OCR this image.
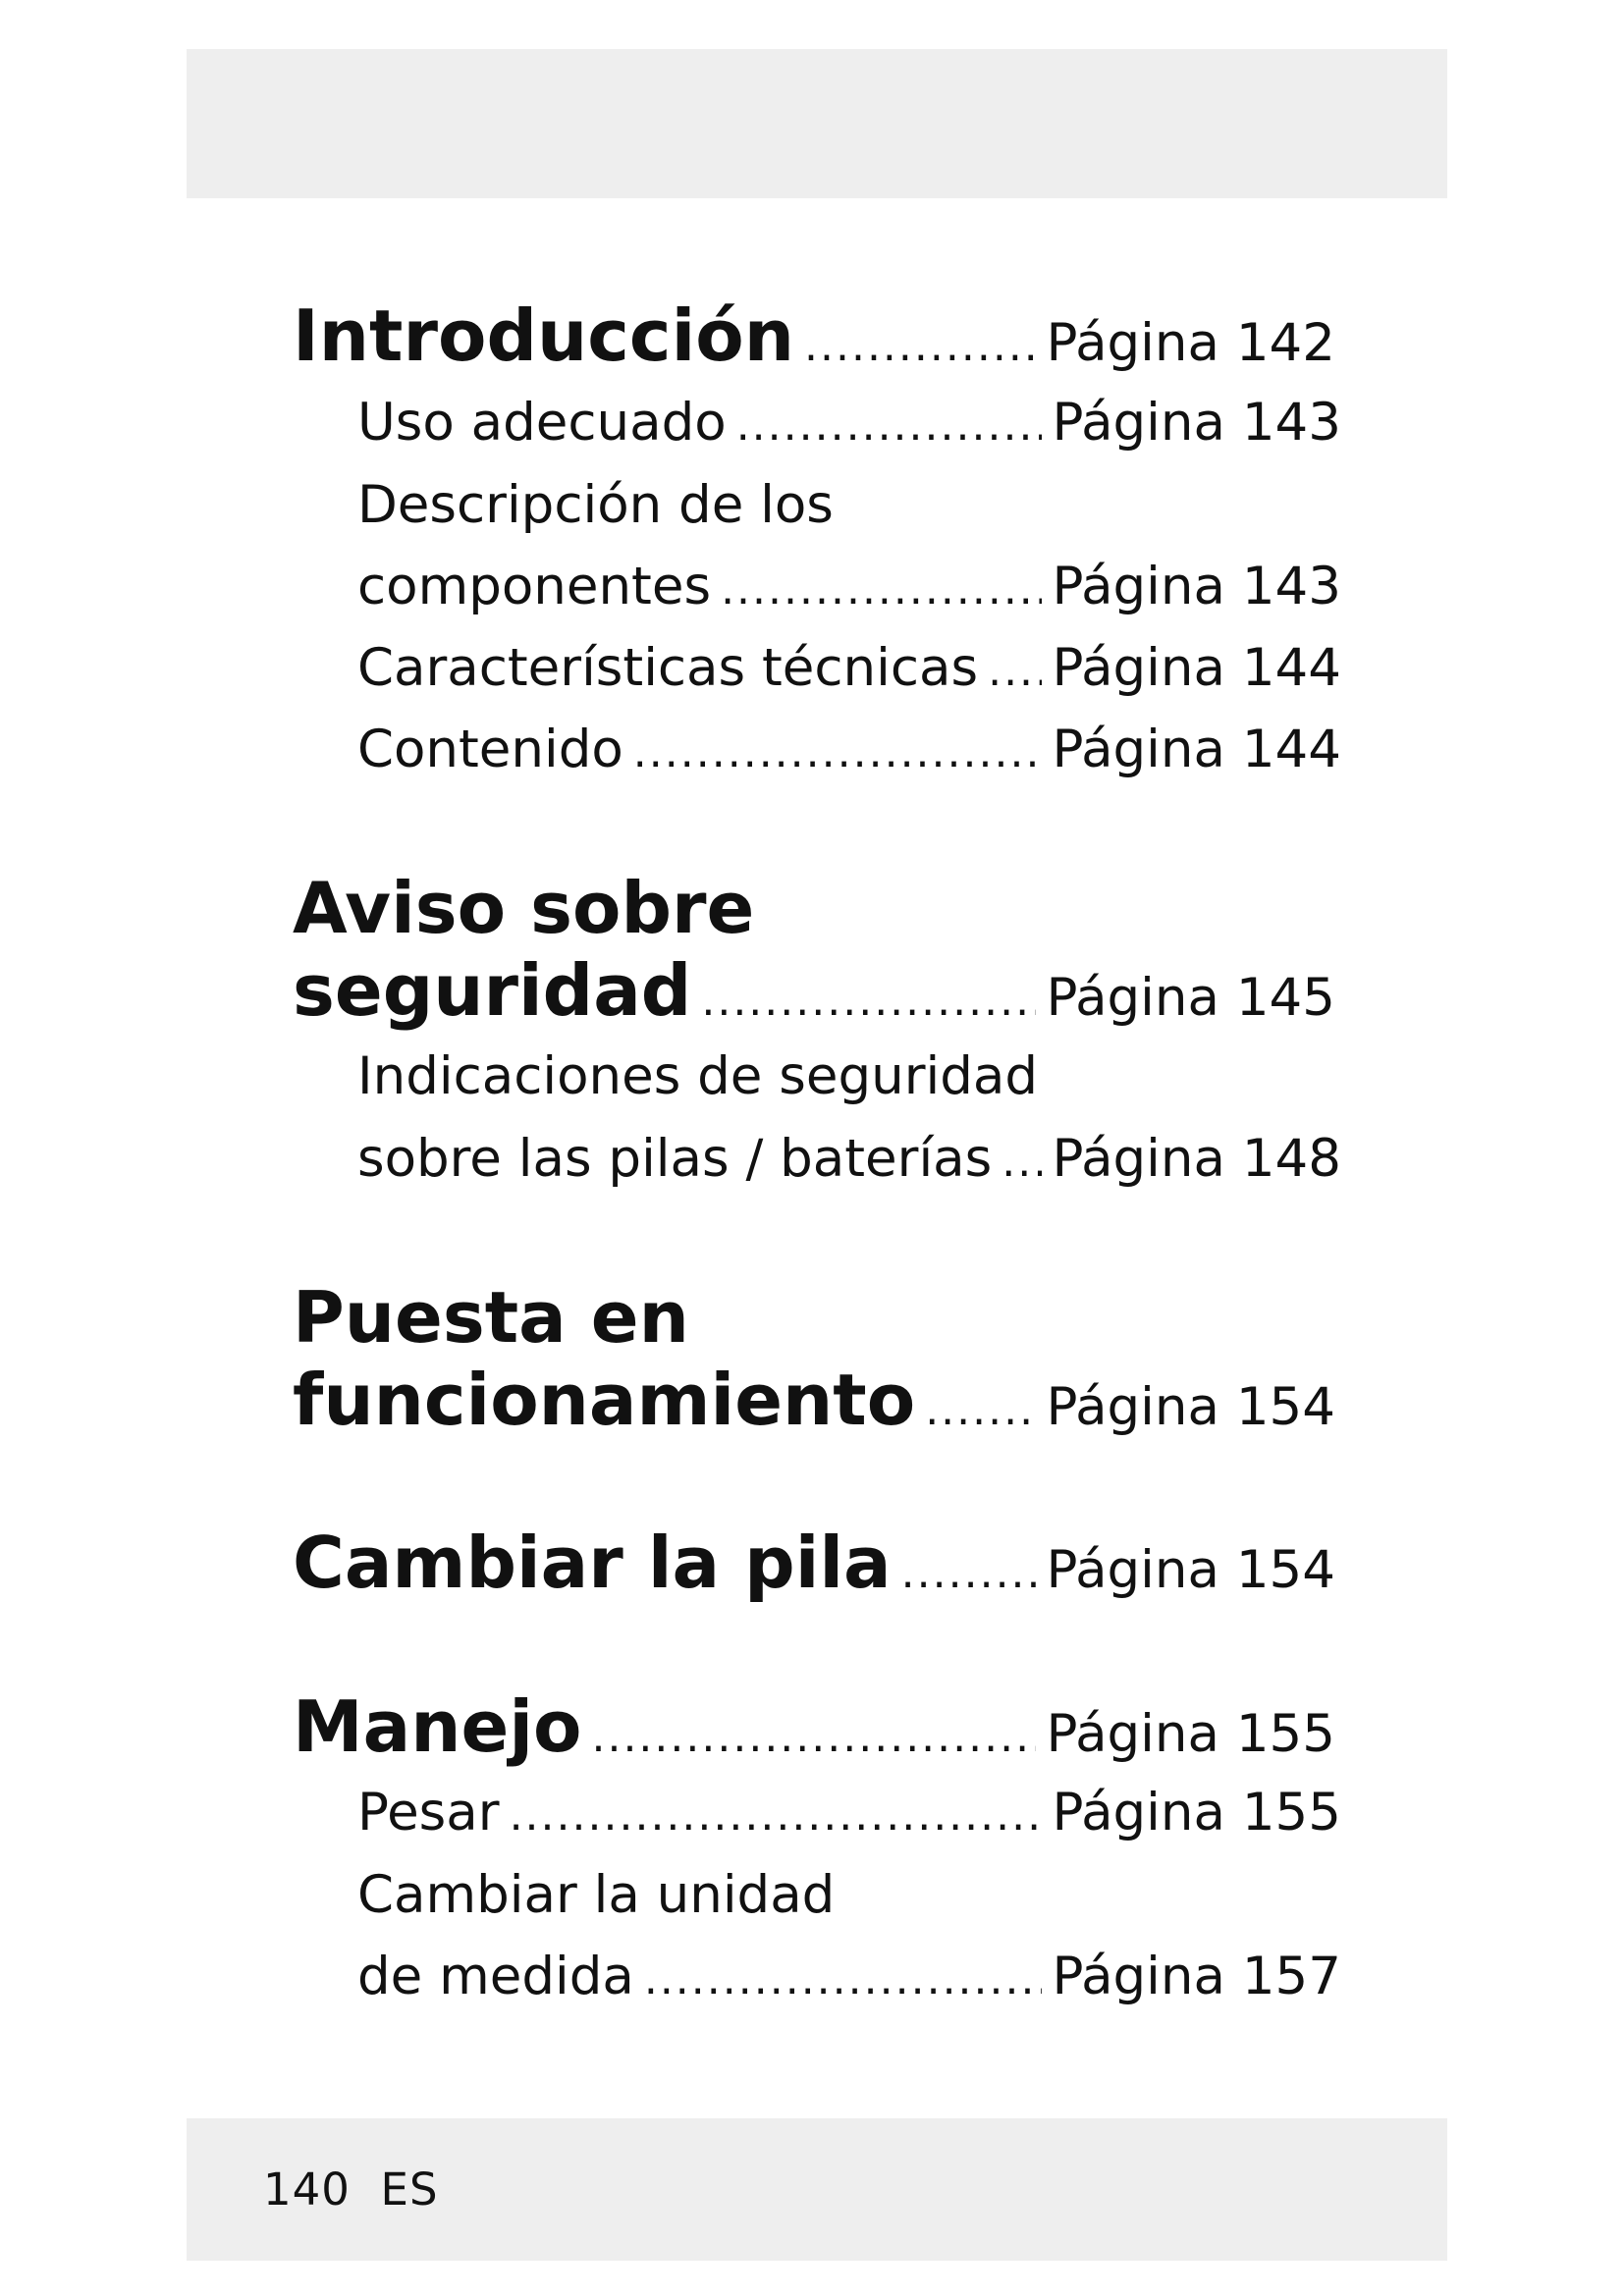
Introducción .....	Página 142
Uso adecuado .....	Página 143
Descripción de los
componentes .....	Página 143
Características técnicas ..... Página 144
Contenido .....	Página 144
Aviso sobre
seguridad .....	Página 145
Indicaciones de seguridad
sobre las pilas / baterías ..... Página 148
Puesta en
funcionamiento .....	Página 154
Cambiar la pila .....	Página 154
Manejo .....	Página 155
Pesar .....	Página 155
Cambiar la unidad
de medida .....	Página 157
140 ES
